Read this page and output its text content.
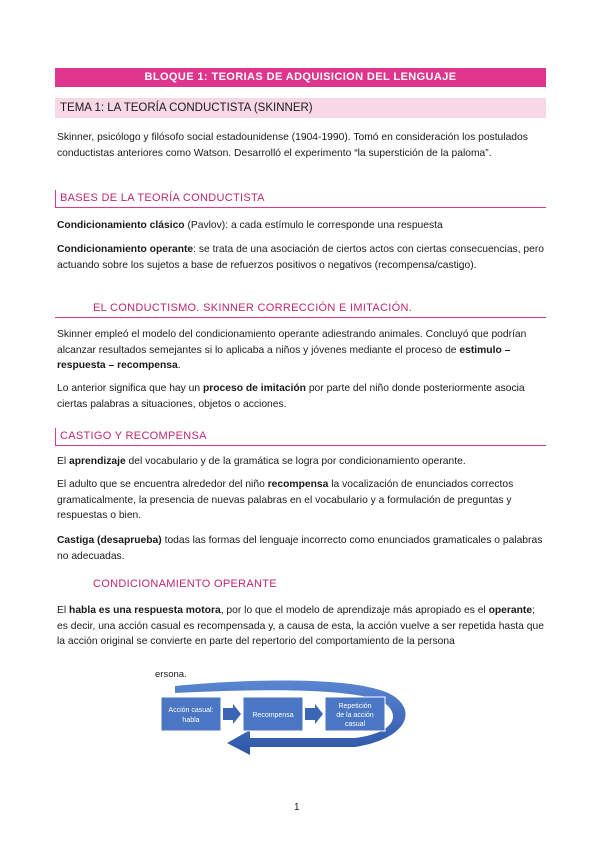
BLOQUE 1: TEORIAS DE ADQUISICION DEL LENGUAJE
TEMA 1: LA TEORÍA CONDUCTISTA (SKINNER)
Skinner, psicólogo y filósofo social estadounidense (1904-1990). Tomó en consideración los postulados conductistas anteriores como Watson. Desarrolló el experimento “la superstición de la paloma”.
BASES DE LA TEORÍA CONDUCTISTA
Condicionamiento clásico (Pavlov): a cada estímulo le corresponde una respuesta
Condicionamiento operante: se trata de una asociación de ciertos actos con ciertas consecuencias, pero actuando sobre los sujetos a base de refuerzos positivos o negativos (recompensa/castigo).
EL CONDUCTISMO. SKINNER CORRECCIÓN E IMITACIÓN.
Skinner empleó el modelo del condicionamiento operante adiestrando animales. Concluyó que podrían alcanzar resultados semejantes si lo aplicaba a niños y jóvenes mediante el proceso de estimulo – respuesta – recompensa.
Lo anterior significa que hay un proceso de imitación por parte del niño donde posteriormente asocia ciertas palabras a situaciones, objetos o acciones.
CASTIGO Y RECOMPENSA
El aprendizaje del vocabulario y de la gramática se logra por condicionamiento operante.
El adulto que se encuentra alrededor del niño recompensa la vocalización de enunciados correctos gramaticalmente, la presencia de nuevas palabras en el vocabulario y a formulación de preguntas y respuestas o bien.
Castiga (desaprueba) todas las formas del lenguaje incorrecto como enunciados gramaticales o palabras no adecuadas.
CONDICIONAMIENTO OPERANTE
El habla es una respuesta motora, por lo que el modelo de aprendizaje más apropiado es el operante; es decir, una acción casual es recompensada y, a causa de esta, la acción vuelve a ser repetida hasta que la acción original se convierte en parte del repertorio del comportamiento de la persona
Acción casual:
habla
Recompensa
Repetición
de la acción
casual
ersona.
1
